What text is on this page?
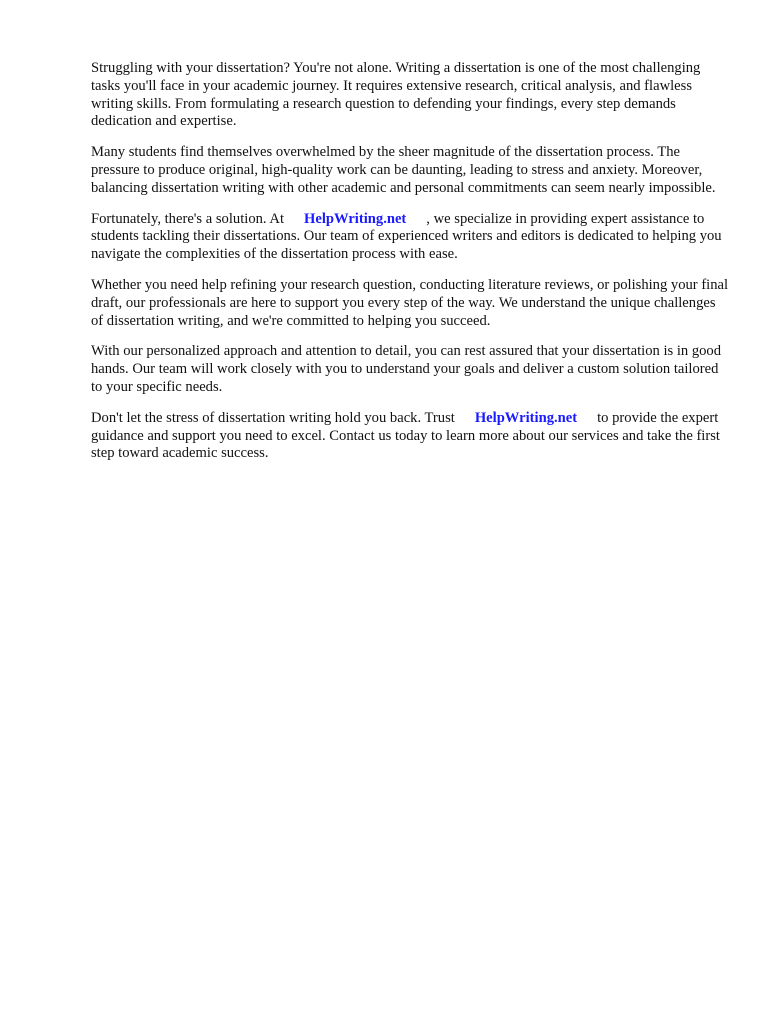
Struggling with your dissertation? You're not alone. Writing a dissertation is one of the most challenging tasks you'll face in your academic journey. It requires extensive research, critical analysis, and flawless writing skills. From formulating a research question to defending your findings, every step demands dedication and expertise.

Many students find themselves overwhelmed by the sheer magnitude of the dissertation process. The pressure to produce original, high-quality work can be daunting, leading to stress and anxiety. Moreover, balancing dissertation writing with other academic and personal commitments can seem nearly impossible.

Fortunately, there's a solution. At HelpWriting.net , we specialize in providing expert assistance to students tackling their dissertations. Our team of experienced writers and editors is dedicated to helping you navigate the complexities of the dissertation process with ease.

Whether you need help refining your research question, conducting literature reviews, or polishing your final draft, our professionals are here to support you every step of the way. We understand the unique challenges of dissertation writing, and we're committed to helping you succeed.

With our personalized approach and attention to detail, you can rest assured that your dissertation is in good hands. Our team will work closely with you to understand your goals and deliver a custom solution tailored to your specific needs.

Don't let the stress of dissertation writing hold you back. Trust HelpWriting.net to provide the expert guidance and support you need to excel. Contact us today to learn more about our services and take the first step toward academic success.
